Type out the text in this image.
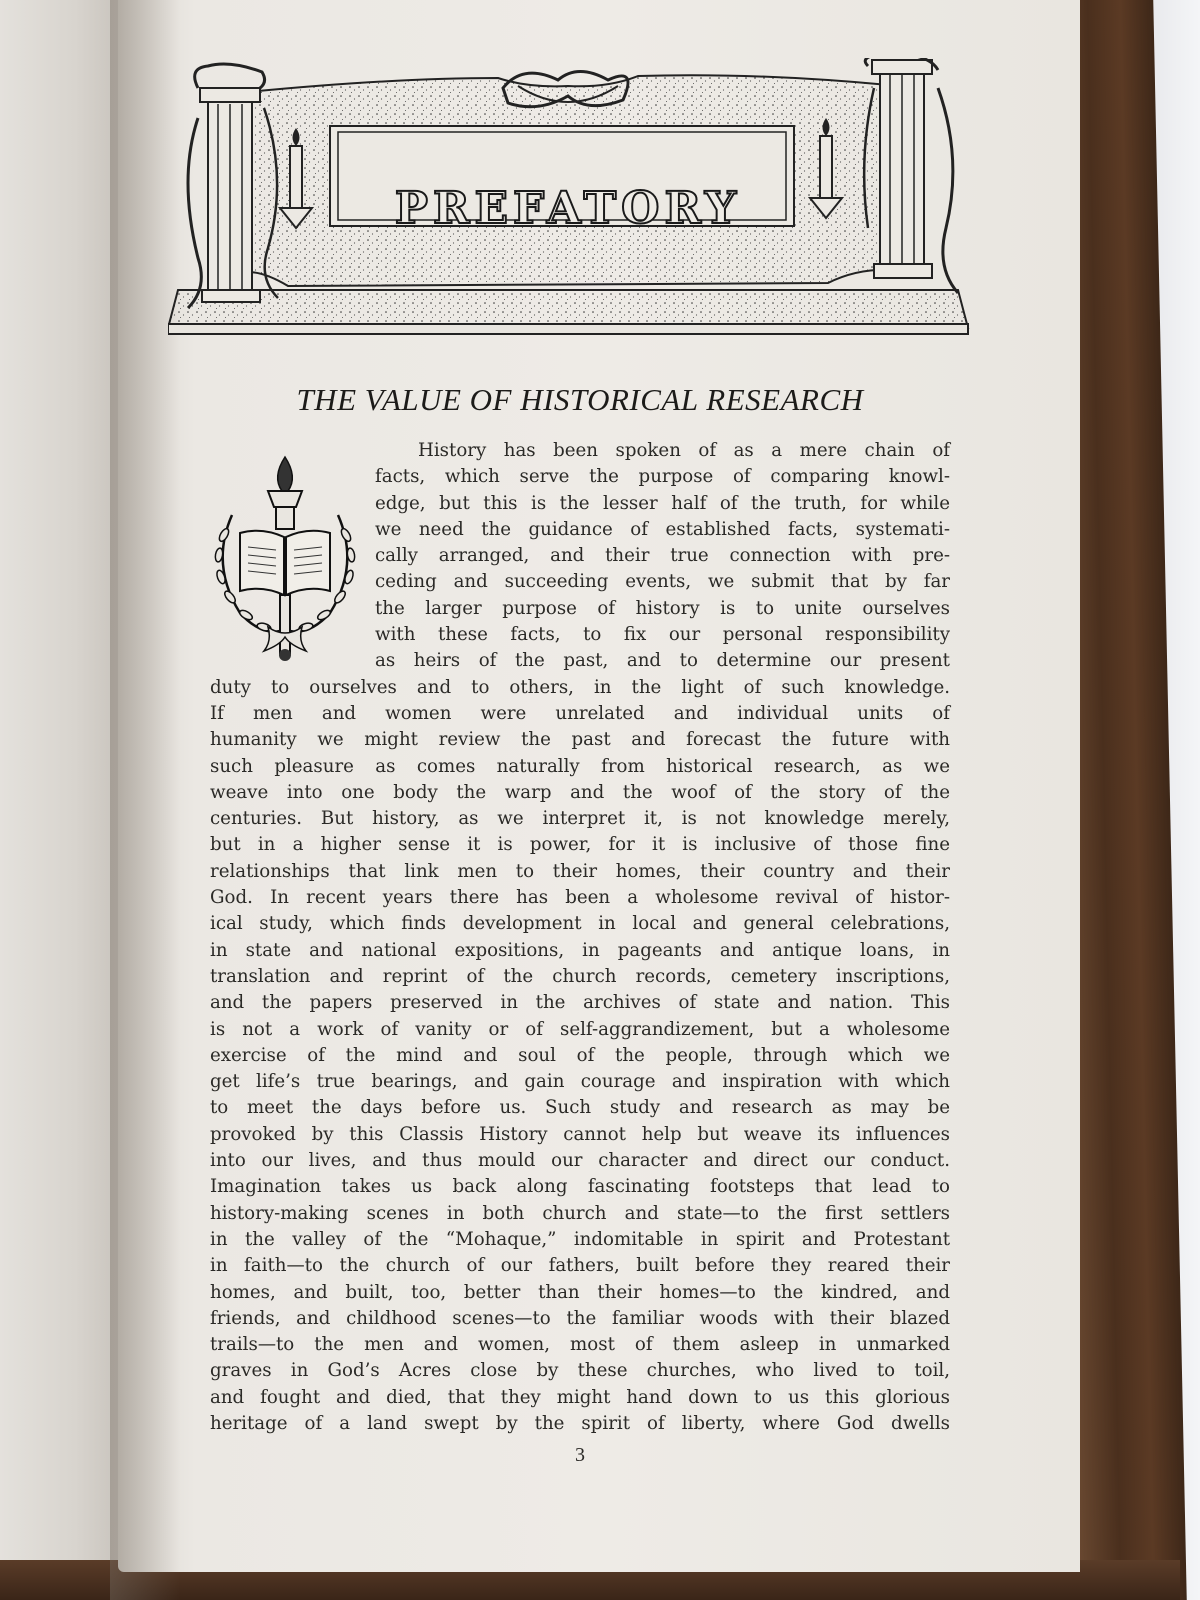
PREFATORY
THE VALUE OF HISTORICAL RESEARCH
History has been spoken of as a mere chain of
facts, which serve the purpose of comparing knowl-
edge, but this is the lesser half of the truth, for while
we need the guidance of established facts, systemati-
cally arranged, and their true connection with pre-
ceding and succeeding events, we submit that by far
the larger purpose of history is to unite ourselves
with these facts, to fix our personal responsibility
as heirs of the past, and to determine our present
duty to ourselves and to others, in the light of such knowledge.
If men and women were unrelated and individual units of
humanity we might review the past and forecast the future with
such pleasure as comes naturally from historical research, as we
weave into one body the warp and the woof of the story of the
centuries. But history, as we interpret it, is not knowledge merely,
but in a higher sense it is power, for it is inclusive of those fine
relationships that link men to their homes, their country and their
God. In recent years there has been a wholesome revival of histor-
ical study, which finds development in local and general celebrations,
in state and national expositions, in pageants and antique loans, in
translation and reprint of the church records, cemetery inscriptions,
and the papers preserved in the archives of state and nation. This
is not a work of vanity or of self-aggrandizement, but a wholesome
exercise of the mind and soul of the people, through which we
get life’s true bearings, and gain courage and inspiration with which
to meet the days before us. Such study and research as may be
provoked by this Classis History cannot help but weave its influences
into our lives, and thus mould our character and direct our conduct.
Imagination takes us back along fascinating footsteps that lead to
history-making scenes in both church and state—to the first settlers
in the valley of the “Mohaque,” indomitable in spirit and Protestant
in faith—to the church of our fathers, built before they reared their
homes, and built, too, better than their homes—to the kindred, and
friends, and childhood scenes—to the familiar woods with their blazed
trails—to the men and women, most of them asleep in unmarked
graves in God’s Acres close by these churches, who lived to toil,
and fought and died, that they might hand down to us this glorious
heritage of a land swept by the spirit of liberty, where God dwells
3
